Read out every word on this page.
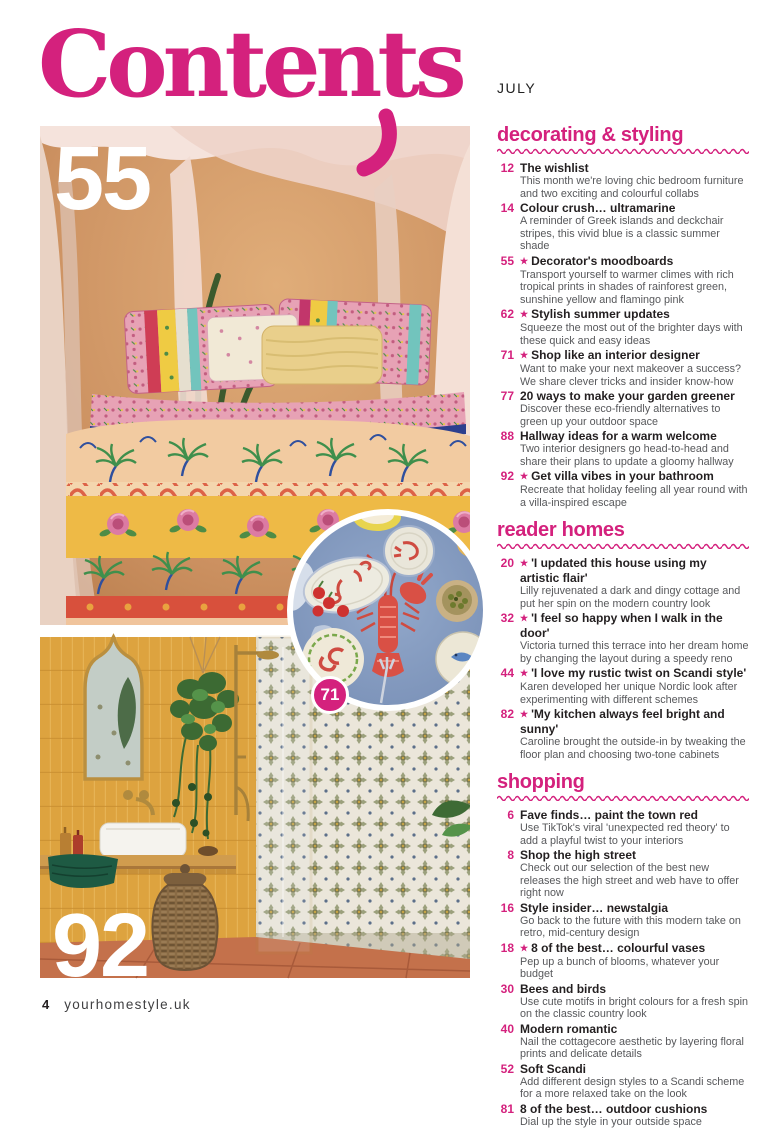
Contents	JULY
55
92
71
decorating & styling
12 The wishlist
This month we're loving chic bedroom furniture and two exciting and colourful collabs
14 Colour crush… ultramarine
A reminder of Greek islands and deckchair stripes, this vivid blue is a classic summer shade
55 ★ Decorator's moodboards
Transport yourself to warmer climes with rich tropical prints in shades of rainforest green, sunshine yellow and flamingo pink
62 ★ Stylish summer updates
Squeeze the most out of the brighter days with these quick and easy ideas
71 ★ Shop like an interior designer
Want to make your next makeover a success? We share clever tricks and insider know-how
77 20 ways to make your garden greener
Discover these eco-friendly alternatives to green up your outdoor space
88 Hallway ideas for a warm welcome
Two interior designers go head-to-head and share their plans to update a gloomy hallway
92 ★ Get villa vibes in your bathroom
Recreate that holiday feeling all year round with a villa-inspired escape
reader homes
20 ★ 'I updated this house using my artistic flair'
Lilly rejuvenated a dark and dingy cottage and put her spin on the modern country look
32 ★ 'I feel so happy when I walk in the door'
Victoria turned this terrace into her dream home by changing the layout during a speedy reno
44 ★ 'I love my rustic twist on Scandi style'
Karen developed her unique Nordic look after experimenting with different schemes
82 ★ 'My kitchen always feel bright and sunny'
Caroline brought the outside-in by tweaking the floor plan and choosing two-tone cabinets
shopping
6 Fave finds… paint the town red
Use TikTok's viral 'unexpected red theory' to add a playful twist to your interiors
8 Shop the high street
Check out our selection of the best new releases the high street and web have to offer right now
16 Style insider… newstalgia
Go back to the future with this modern take on retro, mid-century design
18 ★ 8 of the best… colourful vases
Pep up a bunch of blooms, whatever your budget
30 Bees and birds
Use cute motifs in bright colours for a fresh spin on the classic country look
40 Modern romantic
Nail the cottagecore aesthetic by layering floral prints and delicate details
52 Soft Scandi
Add different design styles to a Scandi scheme for a more relaxed take on the look
81 8 of the best… outdoor cushions
Dial up the style in your outside space
4 yourhomestyle.uk
